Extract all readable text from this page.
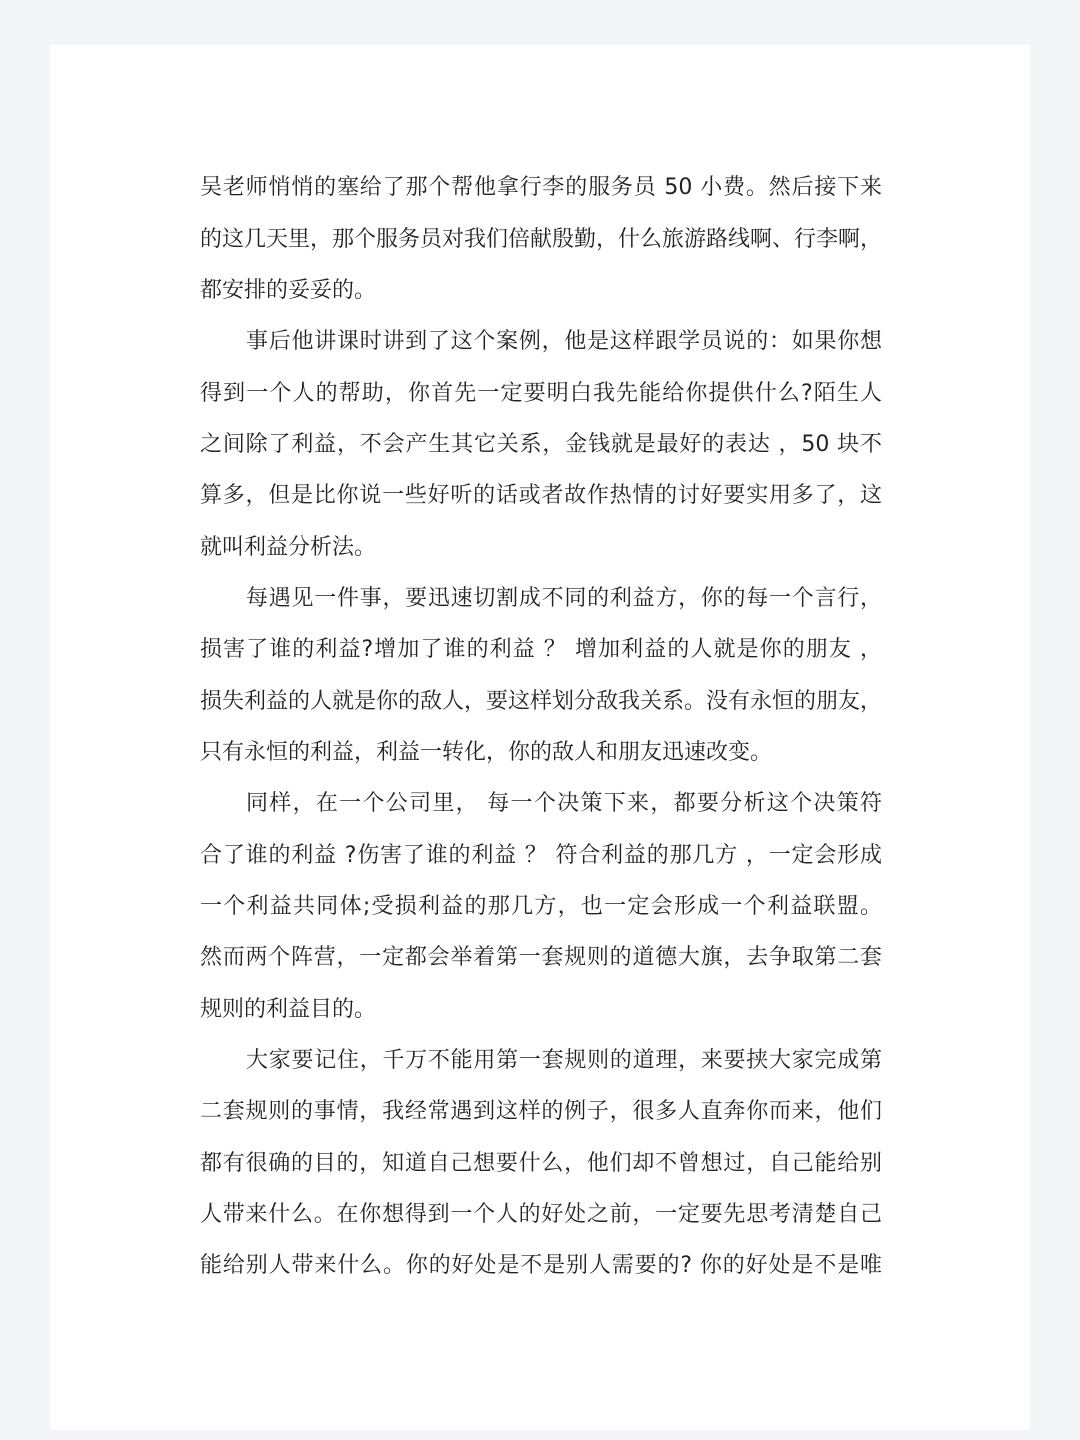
吴老师悄悄的塞给了那个帮他拿行李的服务员 50 小费。然后接下来
的这几天里，那个服务员对我们倍献殷勤，什么旅游路线啊、行李啊，
都安排的妥妥的。
事后他讲课时讲到了这个案例，他是这样跟学员说的：如果你想
得到一个人的帮助，你首先一定要明白我先能给你提供什么?陌生人
之间除了利益，不会产生其它关系，金钱就是最好的表达 ，50 块不
算多，但是比你说一些好听的话或者故作热情的讨好要实用多了，这
就叫利益分析法。
每遇见一件事，要迅速切割成不同的利益方，你的每一个言行，
损害了谁的利益?增加了谁的利益 ？ 增加利益的人就是你的朋友 ，
损失利益的人就是你的敌人，要这样划分敌我关系。没有永恒的朋友，
只有永恒的利益，利益一转化，你的敌人和朋友迅速改变。
同样，在一个公司里， 每一个决策下来，都要分析这个决策符
合了谁的利益 ?伤害了谁的利益 ？ 符合利益的那几方 ，一定会形成
一个利益共同体;受损利益的那几方，也一定会形成一个利益联盟。
然而两个阵营，一定都会举着第一套规则的道德大旗，去争取第二套
规则的利益目的。
大家要记住，千万不能用第一套规则的道理，来要挟大家完成第
二套规则的事情，我经常遇到这样的例子，很多人直奔你而来，他们
都有很确的目的，知道自己想要什么，他们却不曾想过，自己能给别
人带来什么。在你想得到一个人的好处之前，一定要先思考清楚自己
能给别人带来什么。你的好处是不是别人需要的? 你的好处是不是唯
